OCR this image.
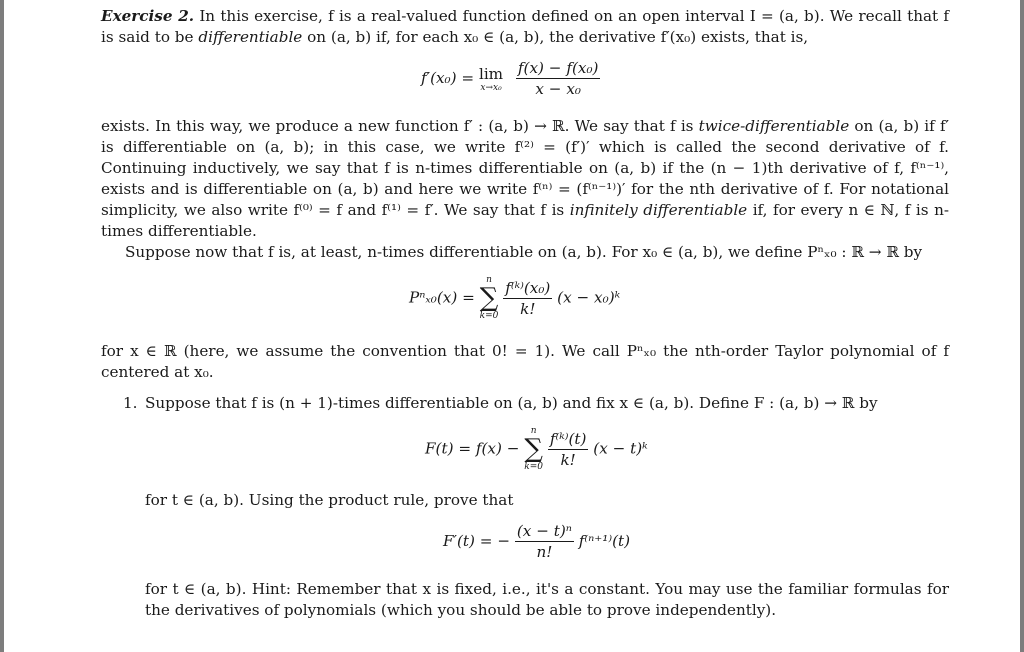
Exercise 2. In this exercise, f is a real-valued function defined on an open interval I = (a, b). We recall that f is said to be differentiable on (a, b) if, for each x₀ ∈ (a, b), the derivative f′(x₀) exists, that is,

f′(x₀) = lim
x→x₀
$\frac{\text{f(x) − f(x₀)}}{\text{x − x₀}}$

exists. In this way, we produce a new function f′ : (a, b) → ℝ. We say that f is twice-differentiable on (a, b) if f′ is differentiable on (a, b); in this case, we write f⁽²⁾ = (f′)′ which is called the second derivative of f. Continuing inductively, we say that f is n-times differentiable on (a, b) if the (n − 1)th derivative of f, f⁽ⁿ⁻¹⁾, exists and is differentiable on (a, b) and here we write f⁽ⁿ⁾ = (f⁽ⁿ⁻¹⁾)′ for the nth derivative of f. For notational simplicity, we also write f⁽⁰⁾ = f and f⁽¹⁾ = f′. We say that f is infinitely differentiable if, for every n ∈ ℕ, f is n-times differentiable.

Suppose now that f is, at least, n-times differentiable on (a, b). For x₀ ∈ (a, b), we define Pⁿₓ₀ : ℝ → ℝ by

Pⁿₓ₀(x) =
n
∑
k=0
$\frac{\text{f⁽ᵏ⁾(x₀)}}{k!} (x$ − x₀)ᵏ

for x ∈ ℝ (here, we assume the convention that 0! = 1). We call Pⁿₓ₀ the nth-order Taylor polynomial of f centered at x₀.

1. Suppose that f is (n + 1)-times differentiable on (a, b) and fix x ∈ (a, b). Define F : (a, b) → ℝ by

F(t) = f(x) −
n
∑
k=0
$\frac{\text{f⁽ᵏ⁾(t)}}{k!} (x$ − t)ᵏ

for t ∈ (a, b). Using the product rule, prove that

F′(t) = − $\frac{\text{(x − t)ⁿ}}{n!} f^{(n+1)}(t)$

for t ∈ (a, b). Hint: Remember that x is fixed, i.e., it's a constant. You may use the familiar formulas for the derivatives of polynomials (which you should be able to prove independently).
